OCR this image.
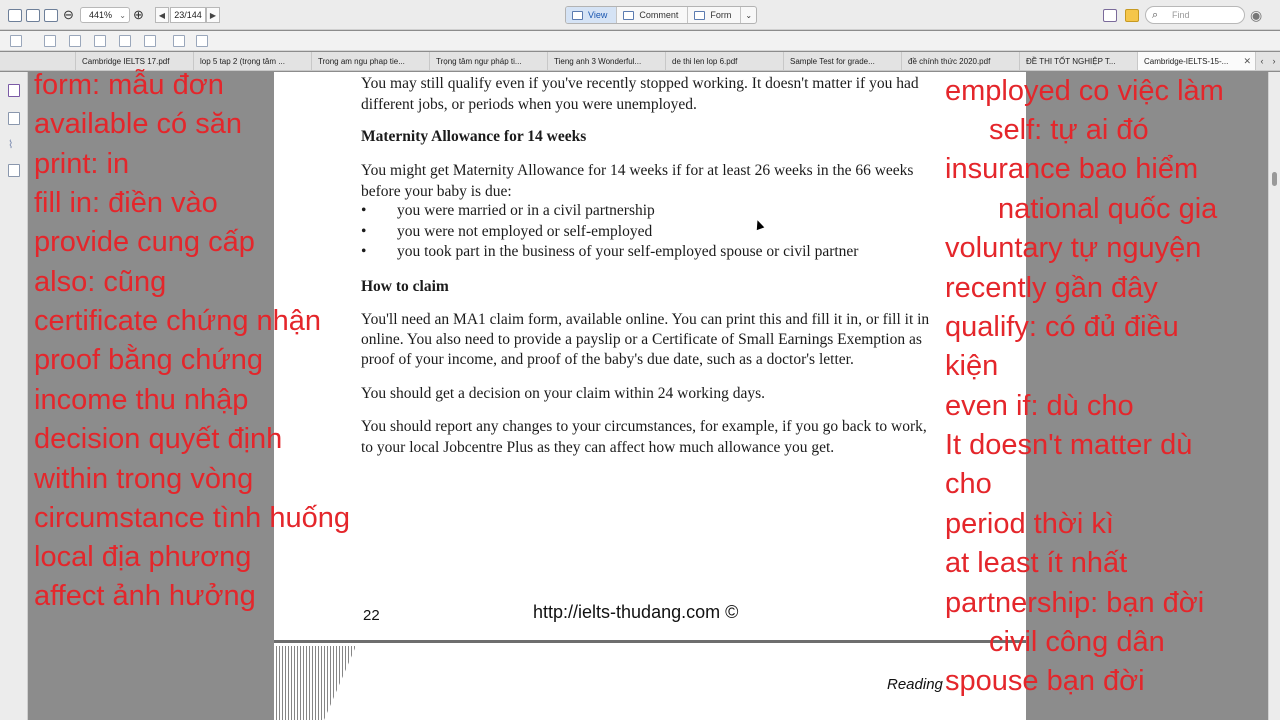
⊖ 441% ⌄ ⊕ ◀ 23/144 ▶	View	Comment	Form ⌄	⌕ Find	◉
Cambridge IELTS 17.pdf	lop 5 tap 2 (trọng tâm ...	Trong am ngu phap tie...	Trọng tâm ngư pháp ti...	Tieng anh 3 Wonderful...	de thi len lop 6.pdf	Sample Test for grade...	đề chính thức 2020.pdf	ĐỀ THI TỐT NGHIỆP T...	Cambridge-IELTS-15-... ✕ ‹ ›
⌇
You may still qualify even if you've recently stopped working. It doesn't matter if you had
different jobs, or periods when you were unemployed.
Maternity Allowance for 14 weeks
You might get Maternity Allowance for 14 weeks if for at least 26 weeks in the 66 weeks
before your baby is due:
• you were married or in a civil partnership
• you were not employed or self-employed
• you took part in the business of your self-employed spouse or civil partner
How to claim
You'll need an MA1 claim form, available online. You can print this and fill it in, or fill it in
online. You also need to provide a payslip or a Certificate of Small Earnings Exemption as
proof of your income, and proof of the baby's due date, such as a doctor's letter.
You should get a decision on your claim within 24 working days.
You should report any changes to your circumstances, for example, if you go back to work,
to your local Jobcentre Plus as they can affect how much allowance you get.
22	http://ielts-thudang.com ©
Reading
form: mẫu đơn
available có săn
print: in
fill in: điền vào
provide cung cấp
also: cũng
certificate chứng nhận
proof bằng chứng
income thu nhập
decision quyết định
within trong vòng
circumstance tình huống
local địa phương
affect ảnh hưởng
employed co việc làm
self: tự ai đó
insurance bao hiểm
national quốc gia
voluntary tự nguyện
recently gần đây
qualify: có đủ điều
kiện
even if: dù cho
It doesn't matter dù
cho
period thời kì
at least ít nhất
partnership: bạn đời
civil công dân
spouse bạn đời
